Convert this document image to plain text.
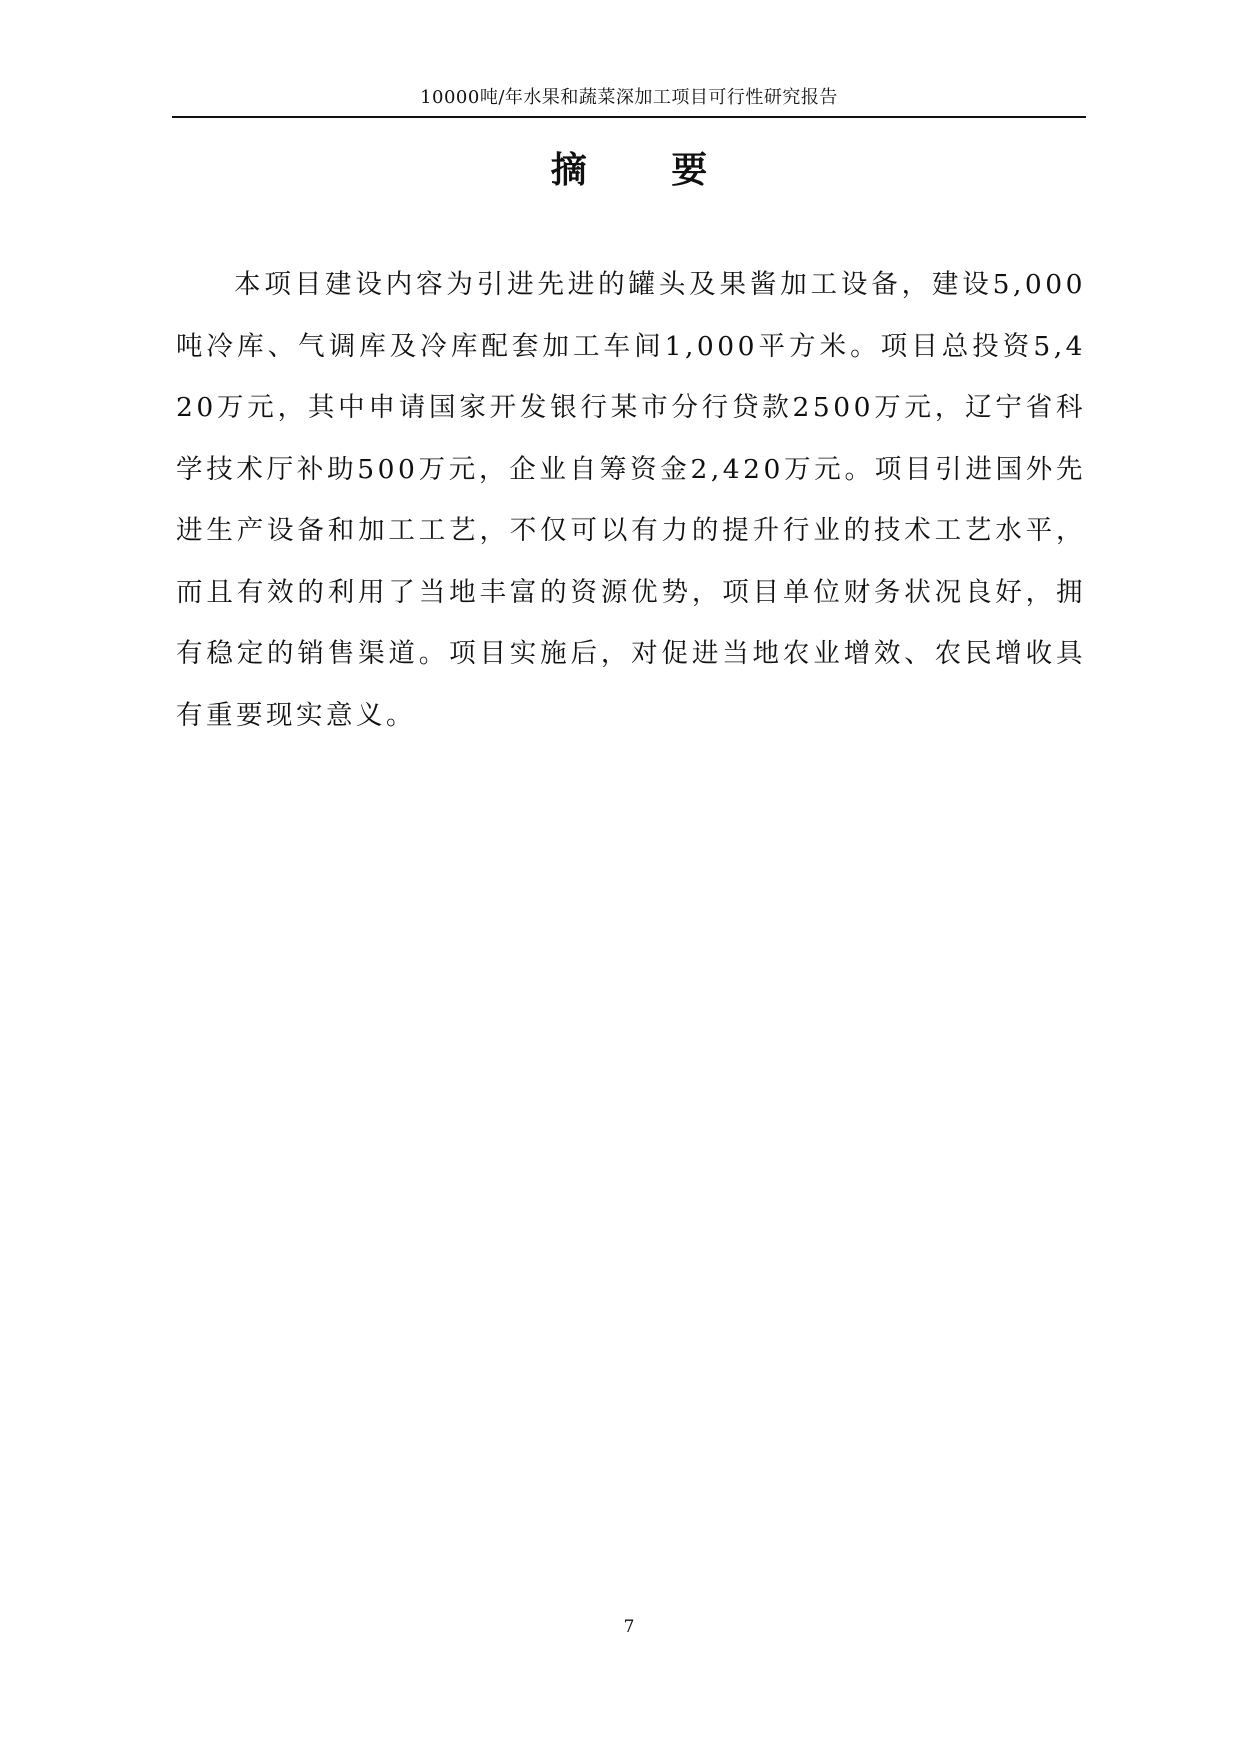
10000吨/年水果和蔬菜深加工项目可行性研究报告
摘 要

本项目建设内容为引进先进的罐头及果酱加工设备，建设5,000吨冷库、气调库及冷库配套加工车间1,000平方米。项目总投资5,420万元，其中申请国家开发银行某市分行贷款2500万元，辽宁省科学技术厅补助500万元，企业自筹资金2,420万元。项目引进国外先进生产设备和加工工艺，不仅可以有力的提升行业的技术工艺水平，而且有效的利用了当地丰富的资源优势，项目单位财务状况良好，拥有稳定的销售渠道。项目实施后，对促进当地农业增效、农民增收具有重要现实意义。

7
